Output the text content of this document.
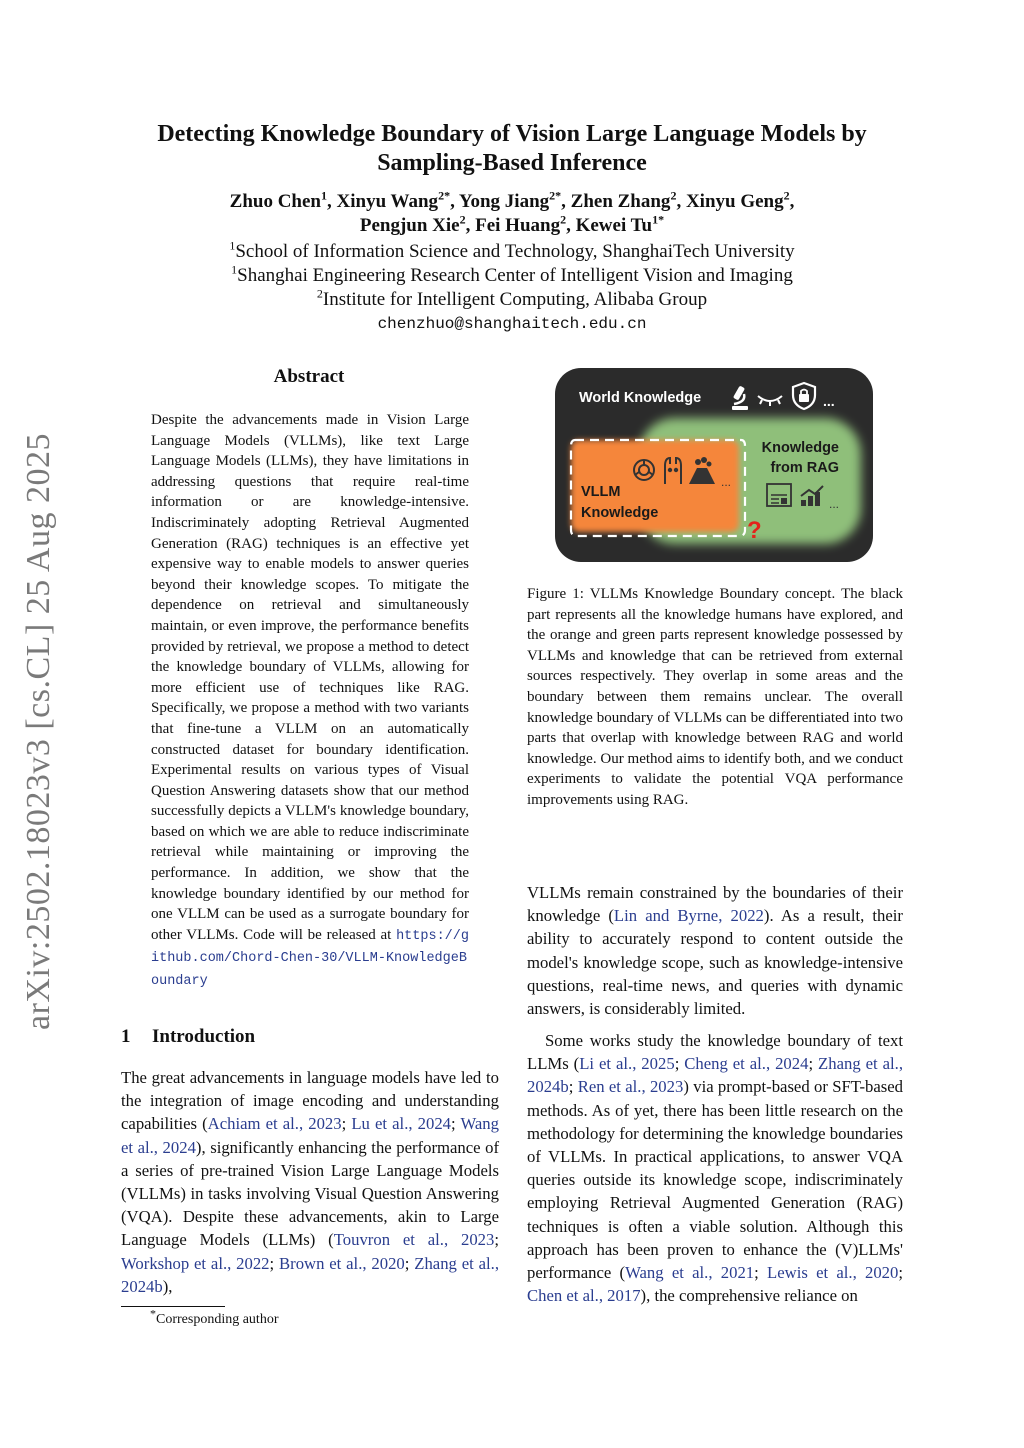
arXiv:2502.18023v3 [cs.CL] 25 Aug 2025
Detecting Knowledge Boundary of Vision Large Language Models by Sampling-Based Inference
Zhuo Chen$^1$, Xinyu Wang$^{2*}$, Yong Jiang$^{2*}$, Zhen Zhang$^2$, Xinyu Geng$^2$,
Pengjun Xie$^2$, Fei Huang$^2$, Kewei $Tu^{1*}$
$^1$School of Information Science and Technology, ShanghaiTech University
$^1$Shanghai Engineering Research Center of Intelligent Vision and Imaging
$^2$Institute for Intelligent Computing, Alibaba Group
chenzhuo@shanghaitech.edu.cn
Abstract
Despite the advancements made in Vision Large Language Models (VLLMs), like text Large Language Models (LLMs), they have limitations in addressing questions that require real-time information or are knowledge-intensive. Indiscriminately adopting Retrieval Augmented Generation (RAG) techniques is an effective yet expensive way to enable models to answer queries beyond their knowledge scopes. To mitigate the dependence on retrieval and simultaneously maintain, or even improve, the performance benefits provided by retrieval, we propose a method to detect the knowledge boundary of VLLMs, allowing for more efficient use of techniques like RAG. Specifically, we propose a method with two variants that fine-tune a VLLM on an automatically constructed dataset for boundary identification. Experimental results on various types of Visual Question Answering datasets show that our method successfully depicts a VLLM's knowledge boundary, based on which we are able to reduce indiscriminate retrieval while maintaining or improving the performance. In addition, we show that the knowledge boundary identified by our method for one VLLM can be used as a surrogate boundary for other VLLMs. Code will be released at https://github.com/Chord-Chen-30/VLLM-KnowledgeBoundary
1 Introduction
The great advancements in language models have led to the integration of image encoding and understanding capabilities (Achiam et al., 2023; Lu et al., 2024; Wang et al., 2024), significantly enhancing the performance of a series of pre-trained Vision Large Language Models (VLLMs) in tasks involving Visual Question Answering (VQA). Despite these advancements, akin to Large Language Models (LLMs) (Touvron et al., 2023; Workshop et al., 2022; Brown et al., 2020; Zhang et al., 2024b),
*Corresponding author
World Knowledge	...
Knowledge
from RAG
VLLM
Knowledge
...
...
?
Figure 1: VLLMs Knowledge Boundary concept. The black part represents all the knowledge humans have explored, and the orange and green parts represent knowledge possessed by VLLMs and knowledge that can be retrieved from external sources respectively. They overlap in some areas and the boundary between them remains unclear. The overall knowledge boundary of VLLMs can be differentiated into two parts that overlap with knowledge between RAG and world knowledge. Our method aims to identify both, and we conduct experiments to validate the potential VQA performance improvements using RAG.
VLLMs remain constrained by the boundaries of their knowledge (Lin and Byrne, 2022). As a result, their ability to accurately respond to content outside the model's knowledge scope, such as knowledge-intensive questions, real-time news, and queries with dynamic answers, is considerably limited.
Some works study the knowledge boundary of text LLMs (Li et al., 2025; Cheng et al., 2024; Zhang et al., 2024b; Ren et al., 2023) via prompt-based or SFT-based methods. As of yet, there has been little research on the methodology for determining the knowledge boundaries of VLLMs. In practical applications, to answer VQA queries outside its knowledge scope, indiscriminately employing Retrieval Augmented Generation (RAG) techniques is often a viable solution. Although this approach has been proven to enhance the (V)LLMs' performance (Wang et al., 2021; Lewis et al., 2020; Chen et al., 2017), the comprehensive reliance on
